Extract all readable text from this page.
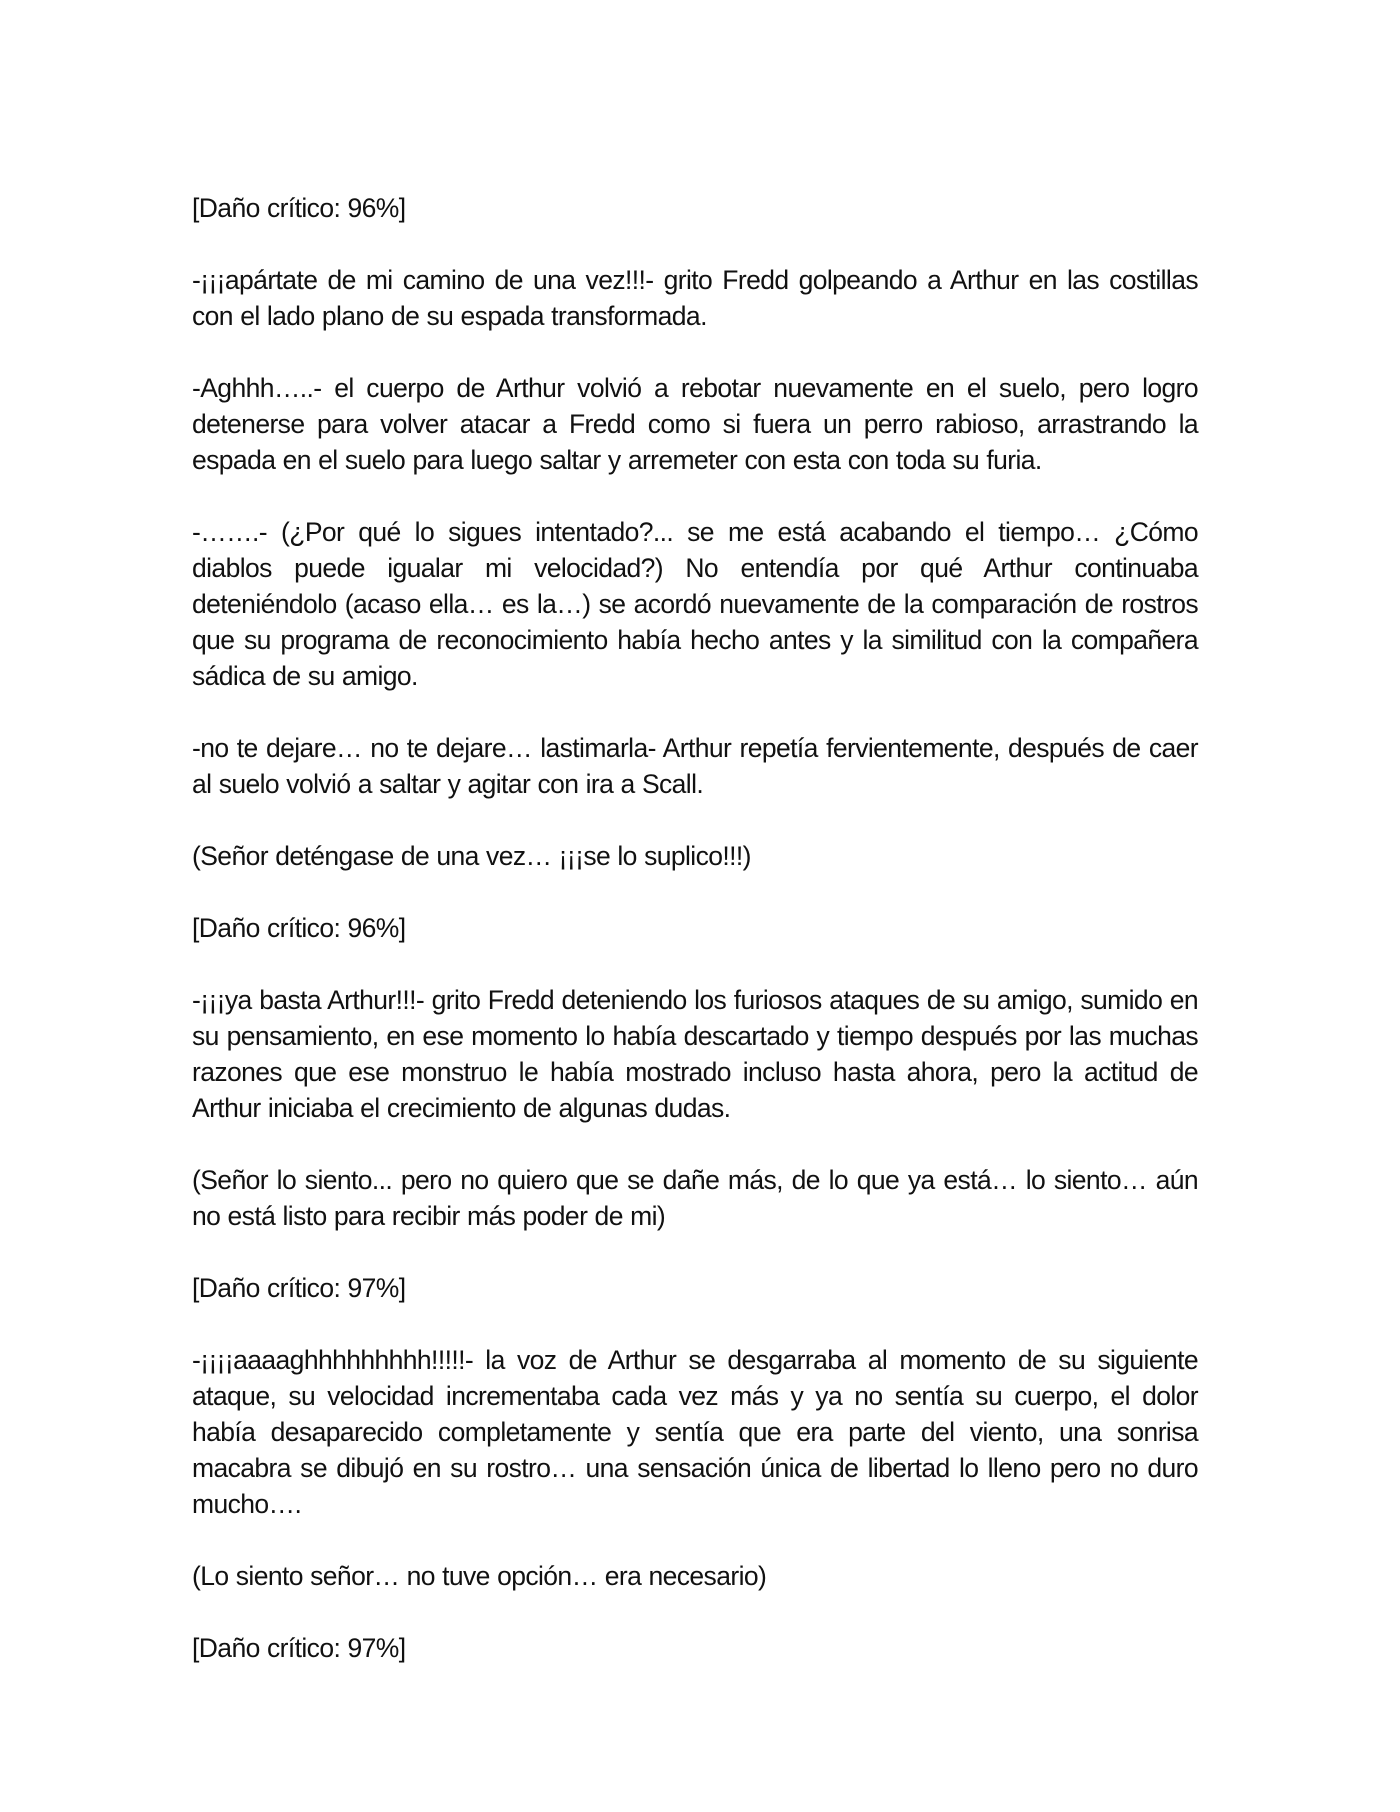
[Daño crítico: 96%]

-¡¡¡apártate de mi camino de una vez!!!- grito Fredd golpeando a Arthur en las costillas con el lado plano de su espada transformada.

-Aghhh…..- el cuerpo de Arthur volvió a rebotar nuevamente en el suelo, pero logro detenerse para volver atacar a Fredd como si fuera un perro rabioso, arrastrando la espada en el suelo para luego saltar y arremeter con esta con toda su furia.

-…….- (¿Por qué lo sigues intentado?... se me está acabando el tiempo… ¿Cómo diablos puede igualar mi velocidad?) No entendía por qué Arthur continuaba deteniéndolo (acaso ella… es la…) se acordó nuevamente de la comparación de rostros que su programa de reconocimiento había hecho antes y la similitud con la compañera sádica de su amigo.

-no te dejare… no te dejare… lastimarla- Arthur repetía fervientemente, después de caer al suelo volvió a saltar y agitar con ira a Scall.

(Señor deténgase de una vez… ¡¡¡se lo suplico!!!)

[Daño crítico: 96%]

-¡¡¡ya basta Arthur!!!- grito Fredd deteniendo los furiosos ataques de su amigo, sumido en su pensamiento, en ese momento lo había descartado y tiempo después por las muchas razones que ese monstruo le había mostrado incluso hasta ahora, pero la actitud de Arthur iniciaba el crecimiento de algunas dudas.

(Señor lo siento... pero no quiero que se dañe más, de lo que ya está… lo siento… aún no está listo para recibir más poder de mi)

[Daño crítico: 97%]

-¡¡¡¡aaaaghhhhhhhhh!!!!!- la voz de Arthur se desgarraba al momento de su siguiente ataque, su velocidad incrementaba cada vez más y ya no sentía su cuerpo, el dolor había desaparecido completamente y sentía que era parte del viento, una sonrisa macabra se dibujó en su rostro… una sensación única de libertad lo lleno pero no duro mucho….

(Lo siento señor… no tuve opción… era necesario)

[Daño crítico: 97%]
